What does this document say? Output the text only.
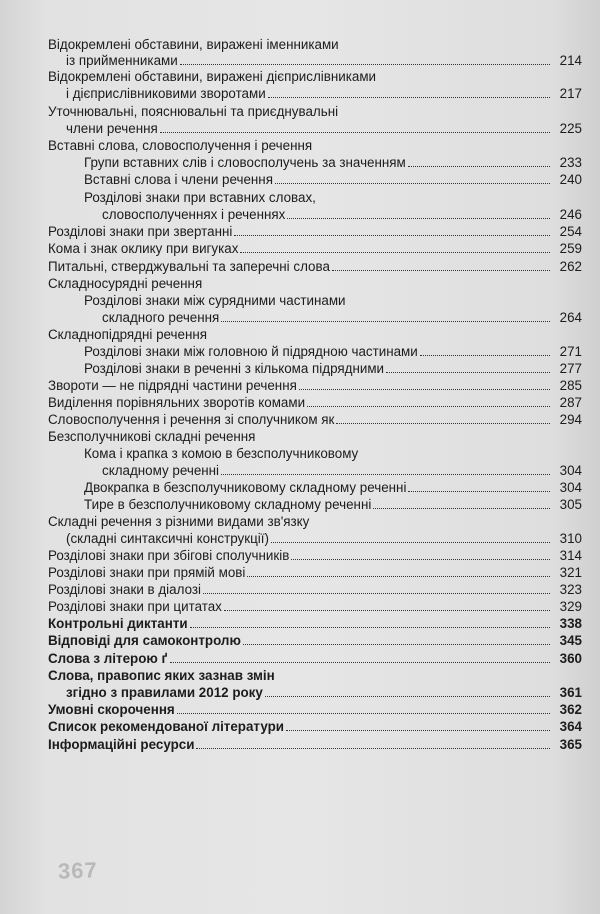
Відокремлені обставини, виражені іменниками
із прийменниками	214
Відокремлені обставини, виражені дієприслівниками
і дієприслівниковими зворотами	217
Уточнювальні, пояснювальні та приєднувальні
члени речення	225
Вставні слова, словосполучення і речення
Групи вставних слів і словосполучень за значенням	233
Вставні слова і члени речення	240
Розділові знаки при вставних словах,
словосполученнях і реченнях	246
Розділові знаки при звертанні	254
Кома і знак оклику при вигуках	259
Питальні, стверджувальні та заперечні слова	262
Складносурядні речення
Розділові знаки між сурядними частинами
складного речення	264
Складнопідрядні речення
Розділові знаки між головною й підрядною частинами	271
Розділові знаки в реченні з кількома підрядними	277
Звороти — не підрядні частини речення	285
Виділення порівняльних зворотів комами	287
Словосполучення і речення зі сполучником як	294
Безсполучникові складні речення
Кома і крапка з комою в безсполучниковому
складному реченні	304
Двокрапка в безсполучниковому складному реченні	304
Тире в безсполучниковому складному реченні	305
Складні речення з різними видами зв'язку
(складні синтаксичні конструкції)	310
Розділові знаки при збігові сполучників	314
Розділові знаки при прямій мові	321
Розділові знаки в діалозі	323
Розділові знаки при цитатах	329
Контрольні диктанти	338
Відповіді для самоконтролю	345
Слова з літерою ґ	360
Слова, правопис яких зазнав змін
згідно з правилами 2012 року	361
Умовні скорочення	362
Список рекомендованої літератури	364
Інформаційні ресурси	365
367
